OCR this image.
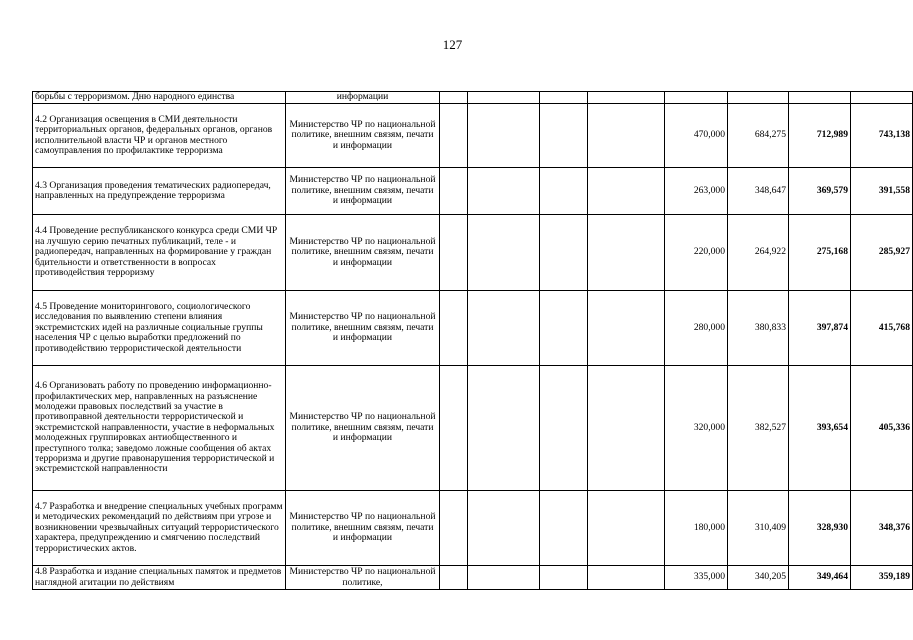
127
борьбы с терроризмом. Дню народного единства	информации								
4.2 Организация освещения в СМИ деятельности территориальных органов, федеральных органов, органов исполнительной власти ЧР и органов местного самоуправления по профилактике терроризма	Министерство ЧР по национальной политике, внешним связям, печати и информации					470,000	684,275	712,989	743,138
4.3 Организация проведения тематических радиопередач, направленных на предупреждение терроризма	Министерство ЧР по национальной политике, внешним связям, печати и информации					263,000	348,647	369,579	391,558
4.4 Проведение республиканского конкурса среди СМИ ЧР на лучшую серию печатных публикаций, теле - и радиопередач, направленных на формирование у граждан бдительности и ответственности в вопросах противодействия терроризму	Министерство ЧР по национальной политике, внешним связям, печати и информации					220,000	264,922	275,168	285,927
4.5 Проведение мониторингового, социологического исследования по выявлению степени влияния экстремистских идей на различные социальные группы населения ЧР с целью выработки предложений по противодействию террористической деятельности	Министерство ЧР по национальной политике, внешним связям, печати и информации					280,000	380,833	397,874	415,768
4.6 Организовать работу по проведению информационно-профилактических мер, направленных на разъяснение молодежи правовых последствий за участие в противоправной деятельности террористической и экстремистской направленности, участие в неформальных молодежных группировках антиобщественного и преступного толка; заведомо ложные сообщения об актах терроризма и другие правонарушения террористической и экстремистской направленности	Министерство ЧР по национальной политике, внешним связям, печати и информации					320,000	382,527	393,654	405,336
4.7 Разработка и внедрение специальных учебных программ и методических рекомендаций по действиям при угрозе и возникновении чрезвычайных ситуаций террористического характера, предупреждению и смягчению последствий террористических актов.	Министерство ЧР по национальной политике, внешним связям, печати и информации					180,000	310,409	328,930	348,376
4.8 Разработка и издание специальных памяток и предметов наглядной агитации по действиям	Министерство ЧР по национальной политике,					335,000	340,205	349,464	359,189
